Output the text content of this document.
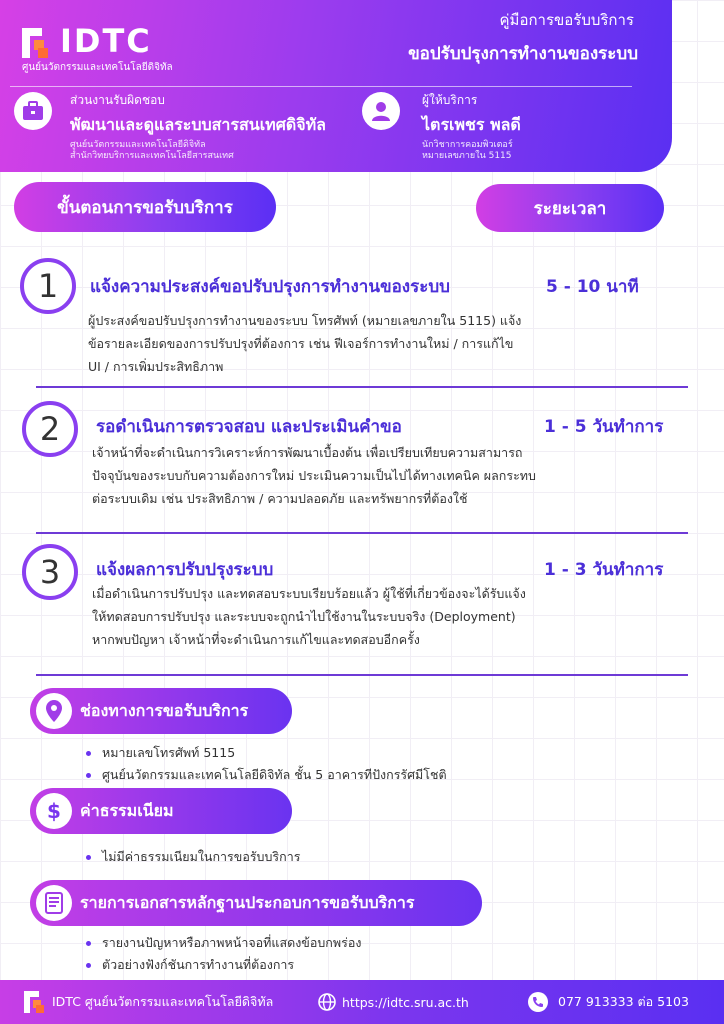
IDTC
ศูนย์นวัตกรรมและเทคโนโลยีดิจิทัล
คู่มือการขอรับบริการ
ขอปรับปรุงการทำงานของระบบ
ส่วนงานรับผิดชอบ
พัฒนาและดูแลระบบสารสนเทศดิจิทัล
ศูนย์นวัตกรรมและเทคโนโลยีดิจิทัล
สำนักวิทยบริการและเทคโนโลยีสารสนเทศ
ผู้ให้บริการ
ไตรเพชร พลดี
นักวิชาการคอมพิวเตอร์
หมายเลขภายใน 5115
ขั้นตอนการขอรับบริการ	ระยะเวลา
1	แจ้งความประสงค์ขอปรับปรุงการทำงานของระบบ	5 - 10 นาที
ผู้ประสงค์ขอปรับปรุงการทำงานของระบบ โทรศัพท์ (หมายเลขภายใน 5115) แจ้งข้อรายละเอียดของการปรับปรุงที่ต้องการ เช่น ฟีเจอร์การทำงานใหม่ / การแก้ไข UI / การเพิ่มประสิทธิภาพ
2	รอดำเนินการตรวจสอบ และประเมินคำขอ	1 - 5 วันทำการ
เจ้าหน้าที่จะดำเนินการวิเคราะห์การพัฒนาเบื้องต้น เพื่อเปรียบเทียบความสามารถปัจจุบันของระบบกับความต้องการใหม่ ประเมินความเป็นไปได้ทางเทคนิค ผลกระทบต่อระบบเดิม เช่น ประสิทธิภาพ / ความปลอดภัย และทรัพยากรที่ต้องใช้
3	แจ้งผลการปรับปรุงระบบ	1 - 3 วันทำการ
เมื่อดำเนินการปรับปรุง และทดสอบระบบเรียบร้อยแล้ว ผู้ใช้ที่เกี่ยวข้องจะได้รับแจ้งให้ทดสอบการปรับปรุง และระบบจะถูกนำไปใช้งานในระบบจริง (Deployment) หากพบปัญหา เจ้าหน้าที่จะดำเนินการแก้ไขและทดสอบอีกครั้ง
ช่องทางการขอรับบริการ
หมายเลขโทรศัพท์ 5115
ศูนย์นวัตกรรมและเทคโนโลยีดิจิทัล ชั้น 5 อาคารทีปังกรรัศมีโชติ
$	ค่าธรรมเนียม
ไม่มีค่าธรรมเนียมในการขอรับบริการ
รายการเอกสารหลักฐานประกอบการขอรับบริการ
รายงานปัญหาหรือภาพหน้าจอที่แสดงข้อบกพร่อง
ตัวอย่างฟังก์ชันการทำงานที่ต้องการ
IDTC ศูนย์นวัตกรรมและเทคโนโลยีดิจิทัล	https://idtc.sru.ac.th	077 913333 ต่อ 5103
